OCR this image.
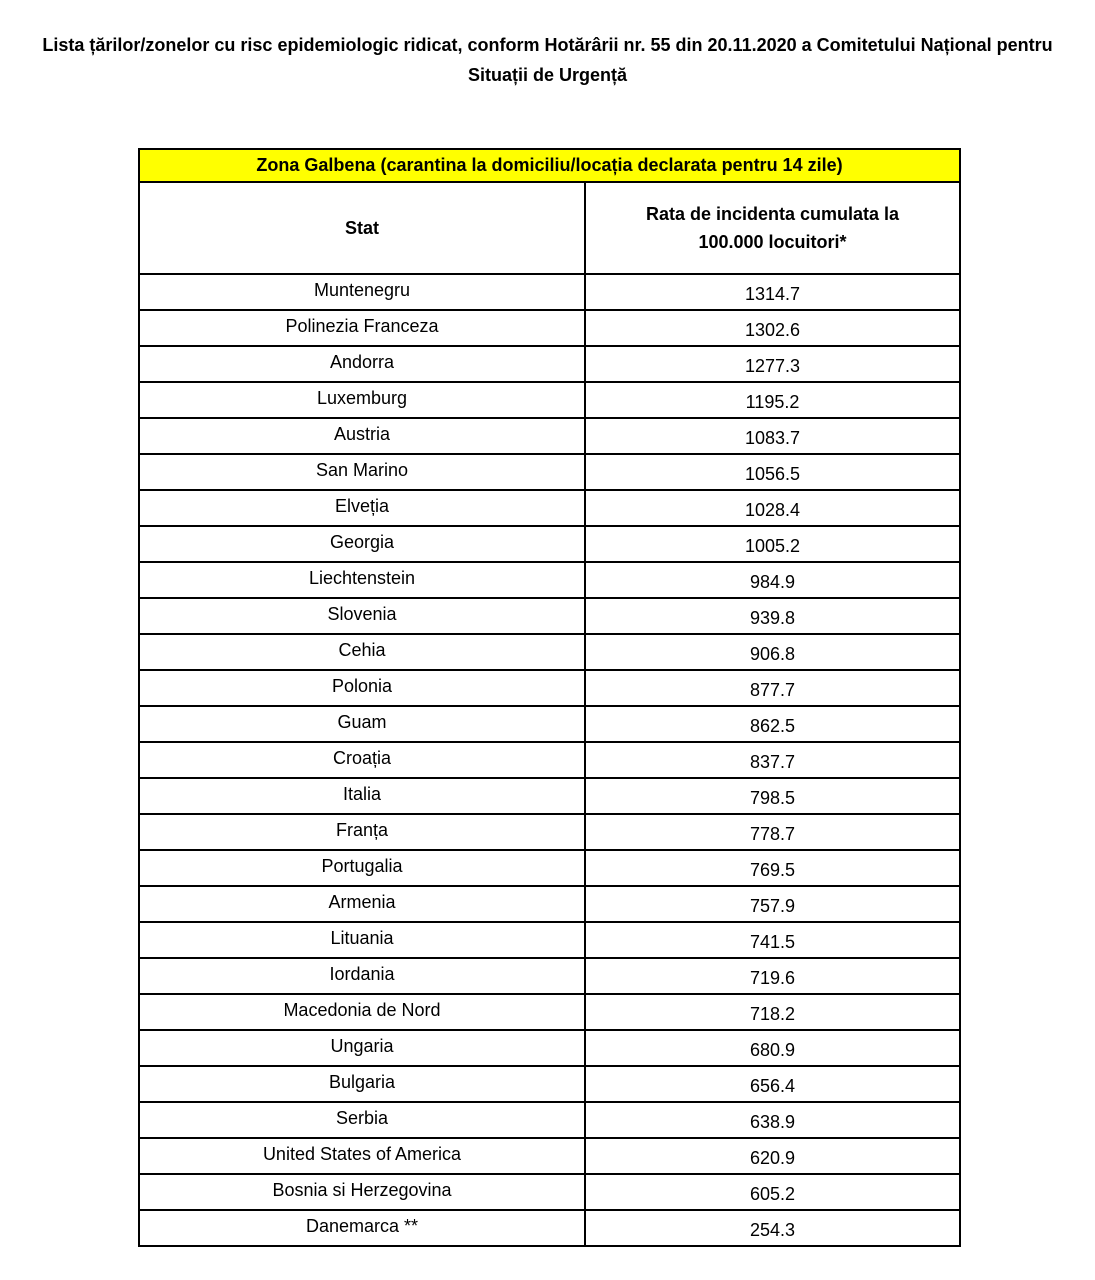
Lista țărilor/zonelor cu risc epidemiologic ridicat, conform Hotărârii nr. 55 din 20.11.2020 a Comitetului Național pentru Situații de Urgență
Zona Galbena (carantina la domiciliu/locația declarata pentru 14 zile)	
Stat	Rata de incidenta cumulata la 100.000 locuitori*
Muntenegru	1314.7
Polinezia Franceza	1302.6
Andorra	1277.3
Luxemburg	1195.2
Austria	1083.7
San Marino	1056.5
Elveția	1028.4
Georgia	1005.2
Liechtenstein	984.9
Slovenia	939.8
Cehia	906.8
Polonia	877.7
Guam	862.5
Croația	837.7
Italia	798.5
Franța	778.7
Portugalia	769.5
Armenia	757.9
Lituania	741.5
Iordania	719.6
Macedonia de Nord	718.2
Ungaria	680.9
Bulgaria	656.4
Serbia	638.9
United States of America	620.9
Bosnia si Herzegovina	605.2
Danemarca **	254.3
